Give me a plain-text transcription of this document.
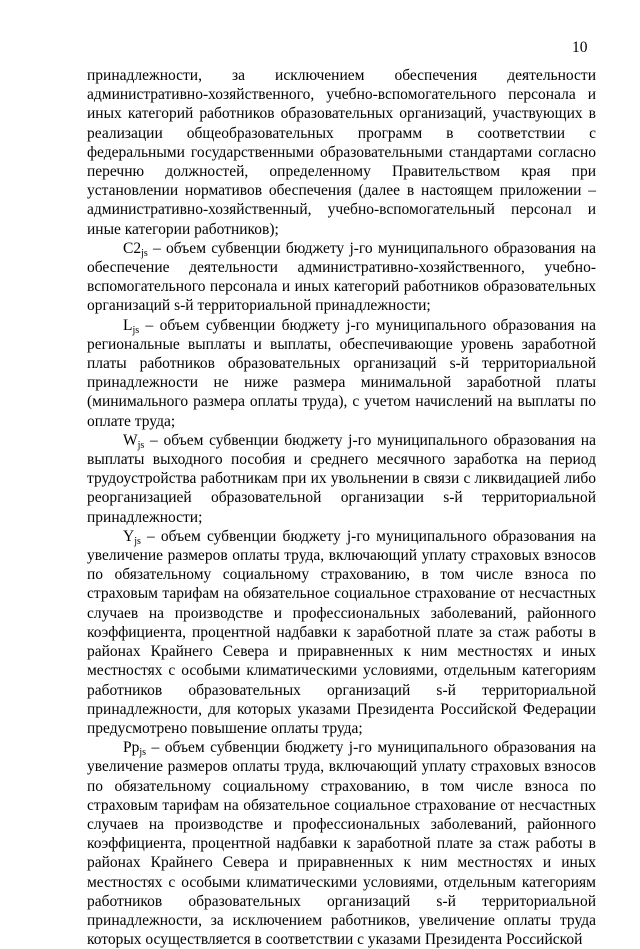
10

принадлежности, за исключением обеспечения деятельности административно-хозяйственного, учебно-вспомогательного персонала и иных категорий работников образовательных организаций, участвующих в реализации общеобразовательных программ в соответствии с федеральными государственными образовательными стандартами согласно перечню должностей, определенному Правительством края при установлении нормативов обеспечения (далее в настоящем приложении – административно-хозяйственный, учебно-вспомогательный персонал и иные категории работников);

$C2_{js}$ – объем субвенции бюджету j-го муниципального образования на обеспечение деятельности административно-хозяйственного, учебно-вспомогательного персонала и иных категорий работников образовательных организаций s-й территориальной принадлежности;

$L_{js}$ – объем субвенции бюджету j-го муниципального образования на региональные выплаты и выплаты, обеспечивающие уровень заработной платы работников образовательных организаций s-й территориальной принадлежности не ниже размера минимальной заработной платы (минимального размера оплаты труда), с учетом начислений на выплаты по оплате труда;

$W_{js}$ – объем субвенции бюджету j-го муниципального образования на выплаты выходного пособия и среднего месячного заработка на период трудоустройства работникам при их увольнении в связи с ликвидацией либо реорганизацией образовательной организации s-й территориальной принадлежности;

$Y_{js}$ – объем субвенции бюджету j-го муниципального образования на увеличение размеров оплаты труда, включающий уплату страховых взносов по обязательному социальному страхованию, в том числе взноса по страховым тарифам на обязательное социальное страхование от несчастных случаев на производстве и профессиональных заболеваний, районного коэффициента, процентной надбавки к заработной плате за стаж работы в районах Крайнего Севера и приравненных к ним местностях и иных местностях с особыми климатическими условиями, отдельным категориям работников образовательных организаций s-й территориальной принадлежности, для которых указами Президента Российской Федерации предусмотрено повышение оплаты труда;

$Pp_{js}$ – объем субвенции бюджету j-го муниципального образования на увеличение размеров оплаты труда, включающий уплату страховых взносов по обязательному социальному страхованию, в том числе взноса по страховым тарифам на обязательное социальное страхование от несчастных случаев на производстве и профессиональных заболеваний, районного коэффициента, процентной надбавки к заработной плате за стаж работы в районах Крайнего Севера и приравненных к ним местностях и иных местностях с особыми климатическими условиями, отдельным категориям работников образовательных организаций s-й территориальной принадлежности, за исключением работников, увеличение оплаты труда которых осуществляется в соответствии с указами Президента Российской
